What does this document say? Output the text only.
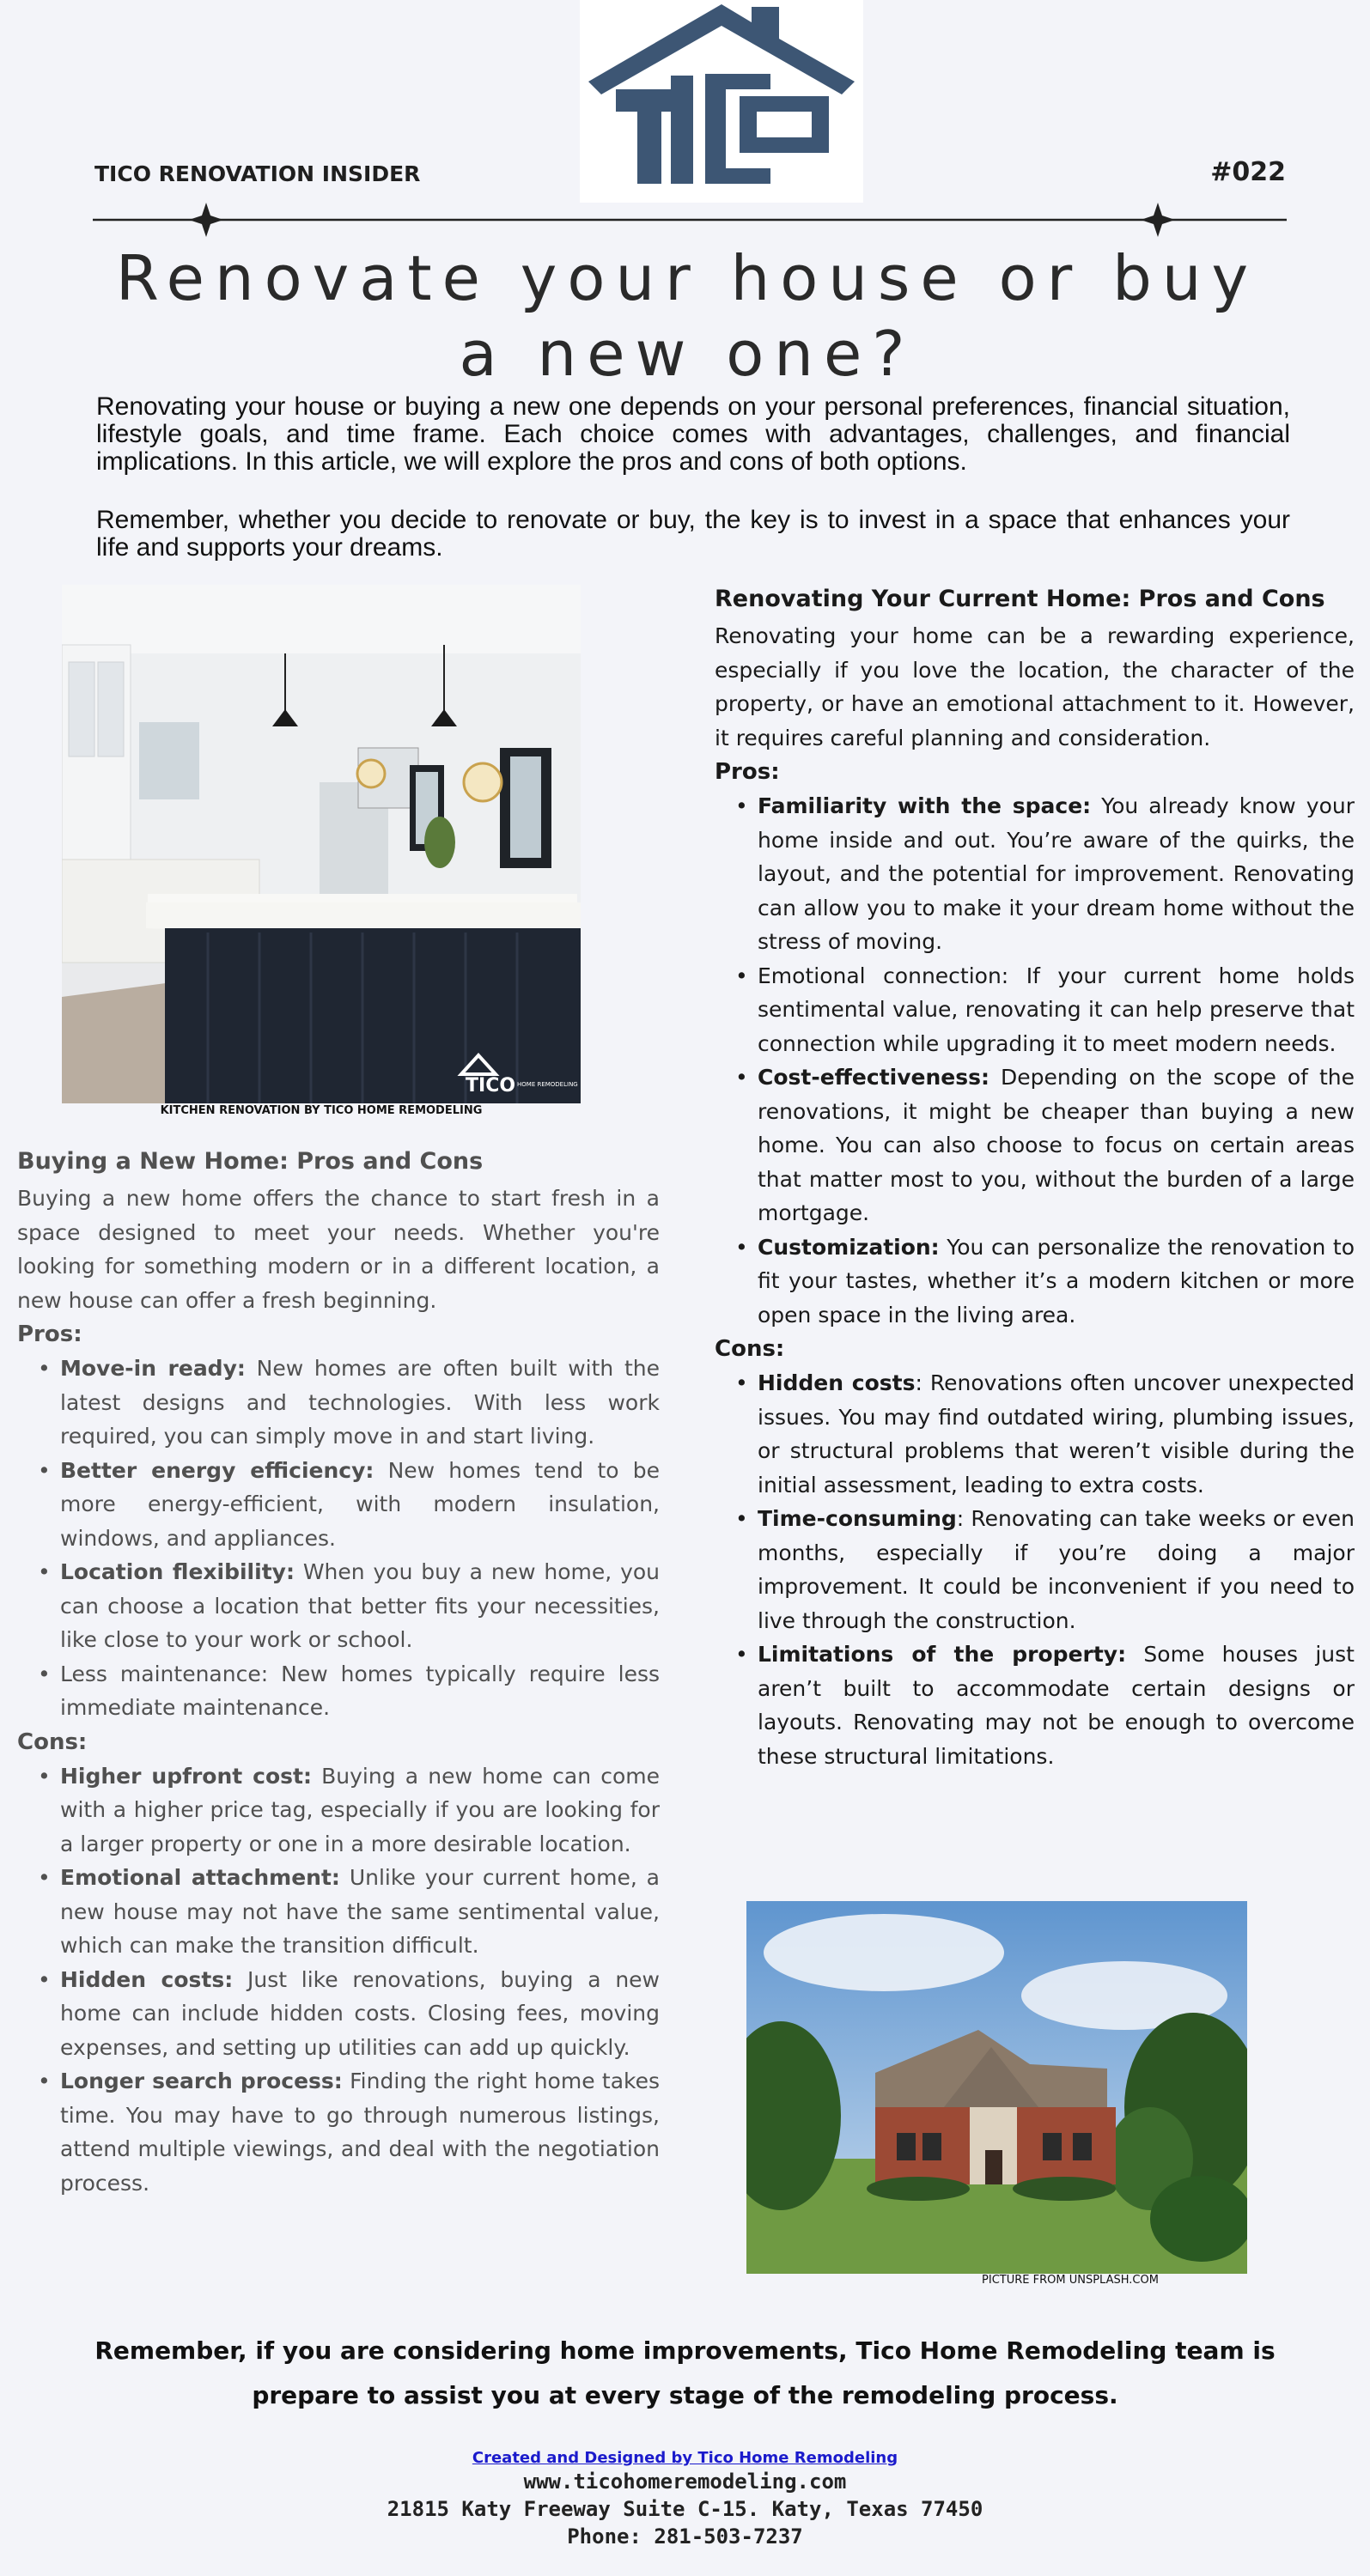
TICO RENOVATION INSIDER	#022
Renovate your house or buy a new one?

Renovating your house or buying a new one depends on your personal preferences, financial situation, lifestyle goals, and time frame. Each choice comes with advantages, challenges, and financial implications. In this article, we will explore the pros and cons of both options.

Remember, whether you decide to renovate or buy, the key is to invest in a space that enhances your life and supports your dreams.

TICO HOME REMODELING
KITCHEN RENOVATION BY TICO HOME REMODELING
Buying a New Home: Pros and Cons

Buying a new home offers the chance to start fresh in a space designed to meet your needs. Whether you're looking for something modern or in a different location, a new house can offer a fresh beginning.

Pros:

• Move-in ready: New homes are often built with the latest designs and technologies. With less work required, you can simply move in and start living.
• Better energy efficiency: New homes tend to be more energy-efficient, with modern insulation, windows, and appliances.
• Location flexibility: When you buy a new home, you can choose a location that better fits your necessities, like close to your work or school.
• Less maintenance: New homes typically require less immediate maintenance.

Cons:

• Higher upfront cost: Buying a new home can come with a higher price tag, especially if you are looking for a larger property or one in a more desirable location.
• Emotional attachment: Unlike your current home, a new house may not have the same sentimental value, which can make the transition difficult.
• Hidden costs: Just like renovations, buying a new home can include hidden costs. Closing fees, moving expenses, and setting up utilities can add up quickly.
• Longer search process: Finding the right home takes time. You may have to go through numerous listings, attend multiple viewings, and deal with the negotiation process.
Renovating Your Current Home: Pros and Cons

Renovating your home can be a rewarding experience, especially if you love the location, the character of the property, or have an emotional attachment to it. However, it requires careful planning and consideration.

Pros:

• Familiarity with the space: You already know your home inside and out. You’re aware of the quirks, the layout, and the potential for improvement. Renovating can allow you to make it your dream home without the stress of moving.
• Emotional connection: If your current home holds sentimental value, renovating it can help preserve that connection while upgrading it to meet modern needs.
• Cost-effectiveness: Depending on the scope of the renovations, it might be cheaper than buying a new home. You can also choose to focus on certain areas that matter most to you, without the burden of a large mortgage.
• Customization: You can personalize the renovation to fit your tastes, whether it’s a modern kitchen or more open space in the living area.

Cons:

• Hidden costs: Renovations often uncover unexpected issues. You may find outdated wiring, plumbing issues, or structural problems that weren’t visible during the initial assessment, leading to extra costs.
• Time-consuming: Renovating can take weeks or even months, especially if you’re doing a major improvement. It could be inconvenient if you need to live through the construction.
• Limitations of the property: Some houses just aren’t built to accommodate certain designs or layouts. Renovating may not be enough to overcome these structural limitations.
PICTURE FROM UNSPLASH.COM
Remember, if you are considering home improvements, Tico Home Remodeling team is prepare to assist you at every stage of the remodeling process.
Created and Designed by Tico Home Remodeling
www.ticohomeremodeling.com
21815 Katy Freeway Suite C-15. Katy, Texas 77450
Phone: 281-503-7237
